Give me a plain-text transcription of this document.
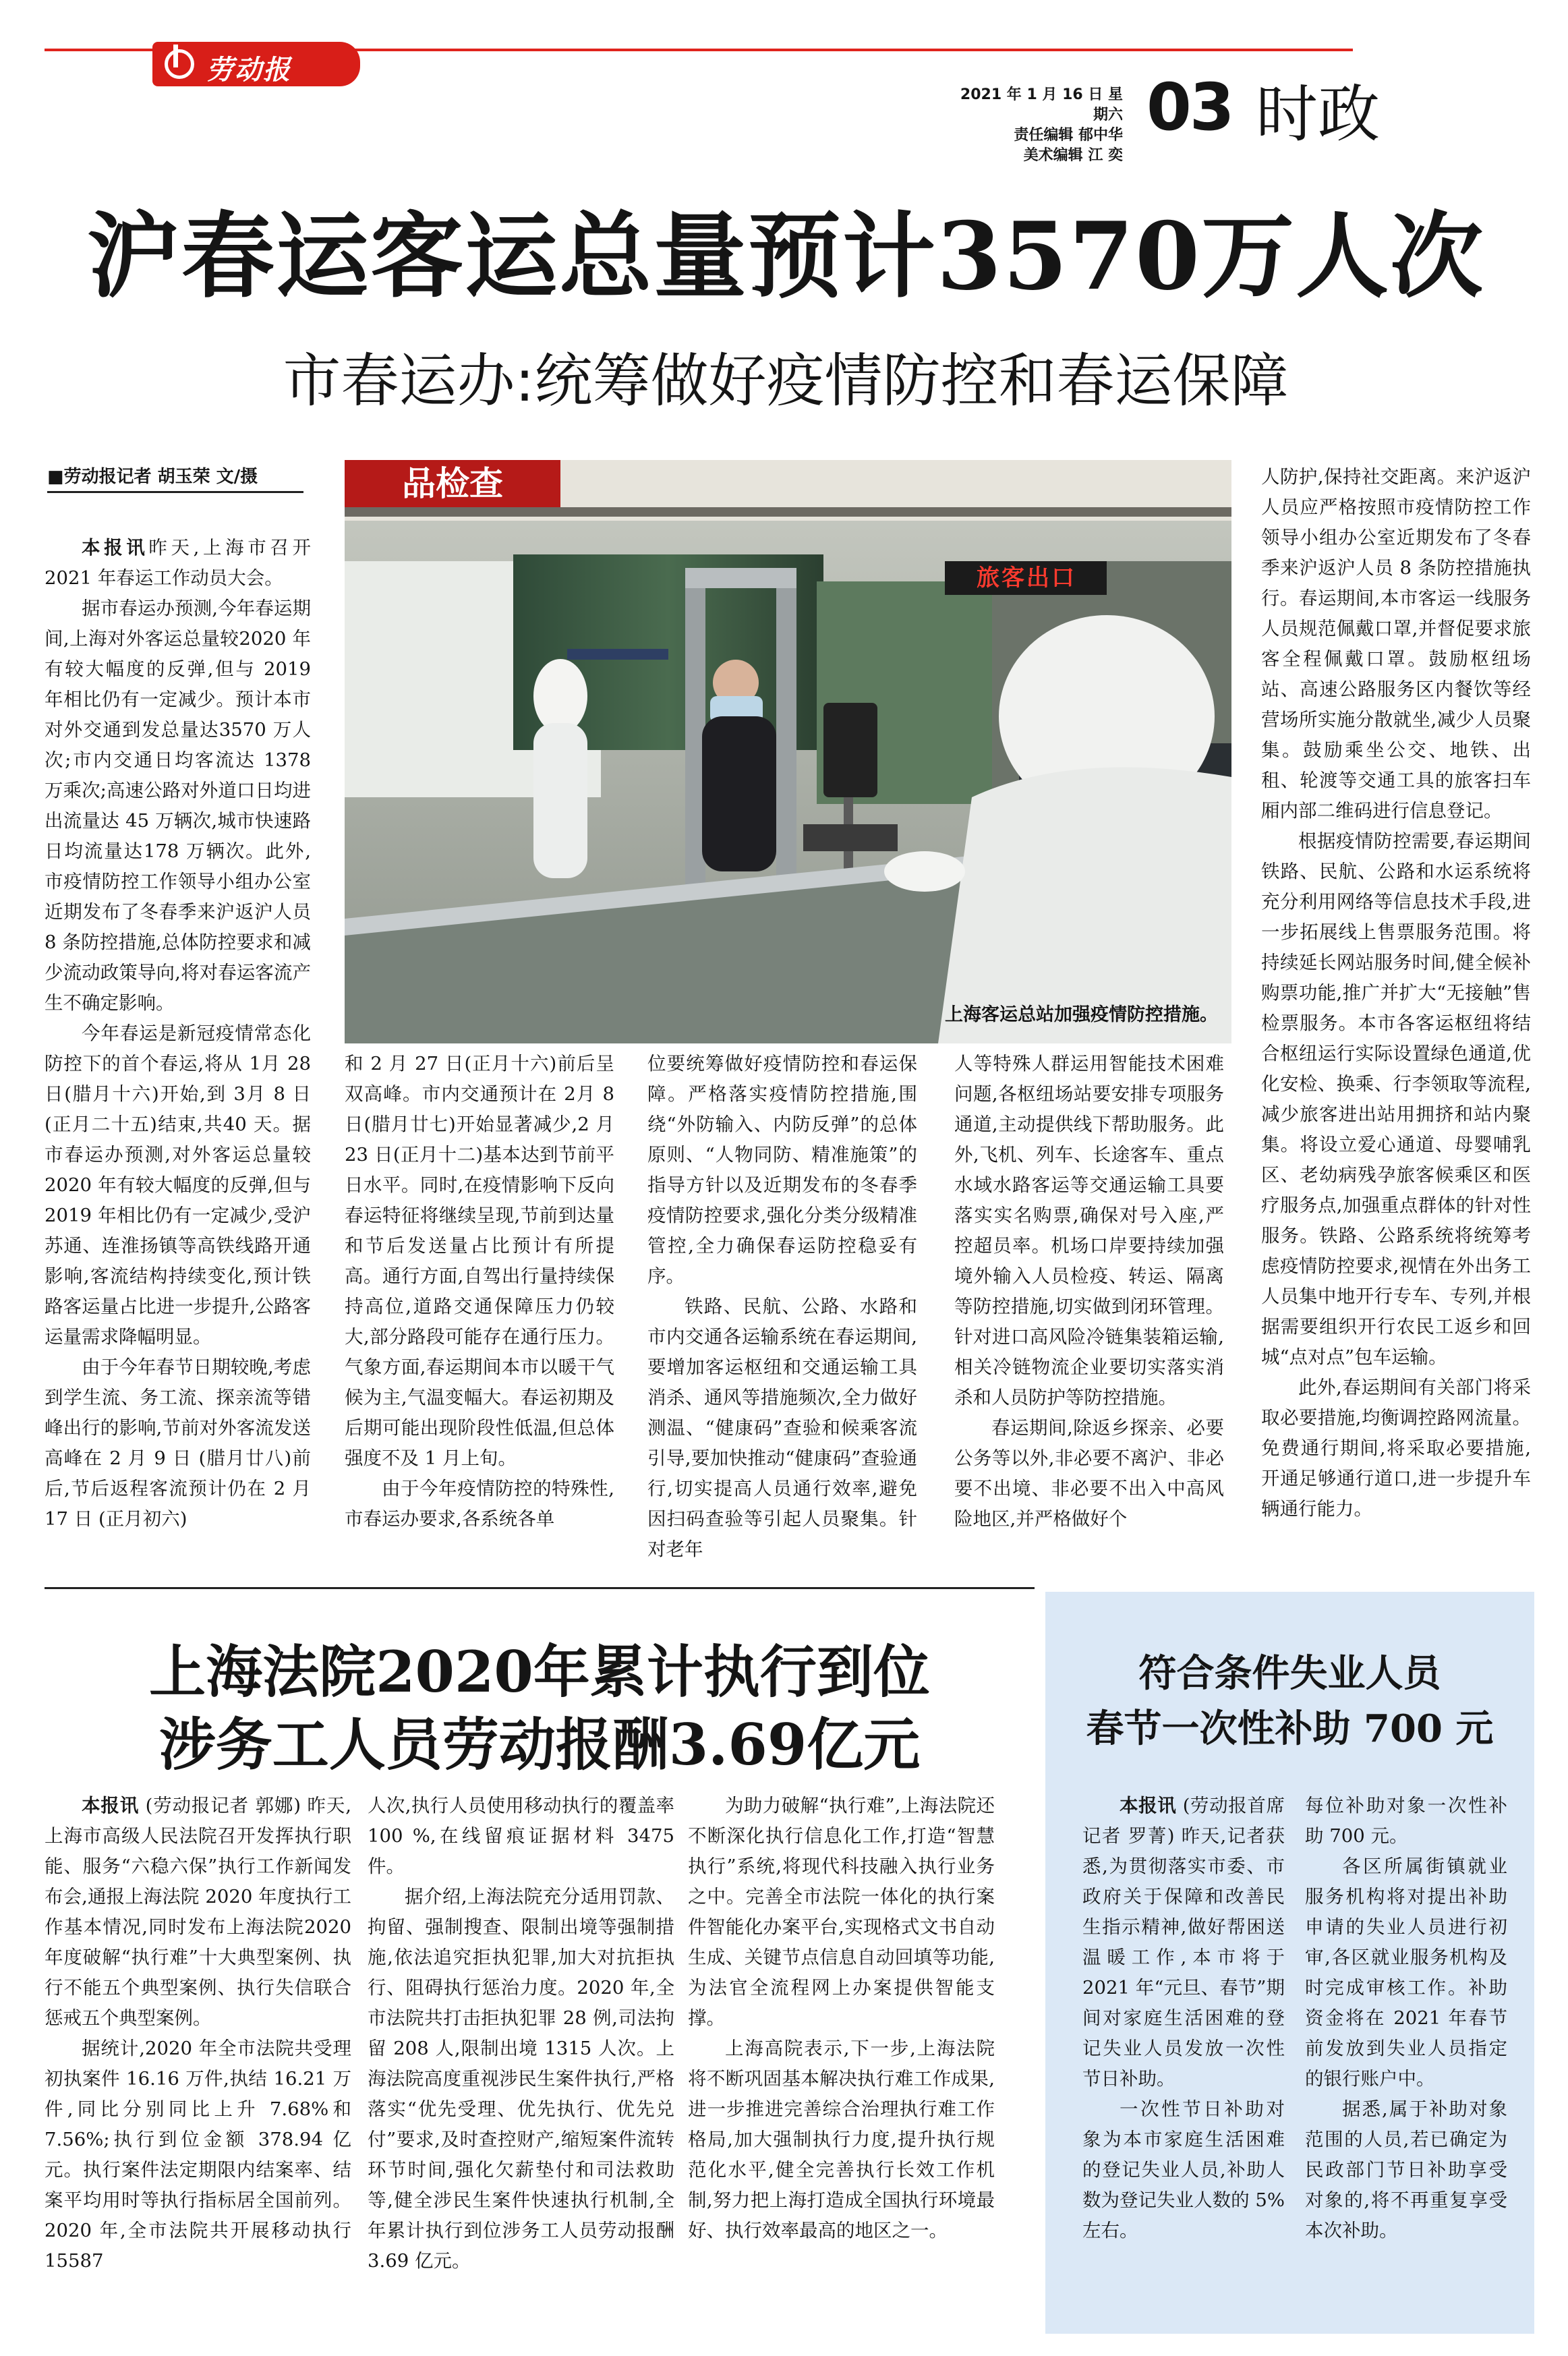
劳动报
2021 年 1 月 16 日 星期六
责任编辑 郁中华
美术编辑 江 奕
03 时政
沪春运客运总量预计3570万人次
市春运办:统筹做好疫情防控和春运保障
■劳动报记者 胡玉荣 文/摄	品检查
旅客出口
上海客运总站加强疫情防控措施。

本报讯昨天,上海市召开2021 年春运工作动员大会。

据市春运办预测,今年春运期间,上海对外客运总量较2020 年有较大幅度的反弹,但与 2019 年相比仍有一定减少。预计本市对外交通到发总量达3570 万人次;市内交通日均客流达 1378 万乘次;高速公路对外道口日均进出流量达 45 万辆次,城市快速路日均流量达178 万辆次。此外,市疫情防控工作领导小组办公室近期发布了冬春季来沪返沪人员 8 条防控措施,总体防控要求和减少流动政策导向,将对春运客流产生不确定影响。

今年春运是新冠疫情常态化防控下的首个春运,将从 1月 28 日(腊月十六)开始,到 3月 8 日(正月二十五)结束,共40 天。据市春运办预测,对外客运总量较 2020 年有较大幅度的反弹,但与 2019 年相比仍有一定减少,受沪苏通、连淮扬镇等高铁线路开通影响,客流结构持续变化,预计铁路客运量占比进一步提升,公路客运量需求降幅明显。

由于今年春节日期较晚,考虑到学生流、务工流、探亲流等错峰出行的影响,节前对外客流发送高峰在 2 月 9 日 (腊月廿八)前后,节后返程客流预计仍在 2 月 17 日 (正月初六)

和 2 月 27 日(正月十六)前后呈双高峰。市内交通预计在 2月 8 日(腊月廿七)开始显著减少,2 月 23 日(正月十二)基本达到节前平日水平。同时,在疫情影响下反向春运特征将继续呈现,节前到达量和节后发送量占比预计有所提高。通行方面,自驾出行量持续保持高位,道路交通保障压力仍较大,部分路段可能存在通行压力。气象方面,春运期间本市以暖干气候为主,气温变幅大。春运初期及后期可能出现阶段性低温,但总体强度不及 1 月上旬。

由于今年疫情防控的特殊性,市春运办要求,各系统各单

位要统筹做好疫情防控和春运保障。严格落实疫情防控措施,围绕“外防输入、内防反弹”的总体原则、“人物同防、精准施策”的指导方针以及近期发布的冬春季疫情防控要求,强化分类分级精准管控,全力确保春运防控稳妥有序。

铁路、民航、公路、水路和市内交通各运输系统在春运期间,要增加客运枢纽和交通运输工具消杀、通风等措施频次,全力做好测温、“健康码”查验和候乘客流引导,要加快推动“健康码”查验通行,切实提高人员通行效率,避免因扫码查验等引起人员聚集。针对老年

人等特殊人群运用智能技术困难问题,各枢纽场站要安排专项服务通道,主动提供线下帮助服务。此外,飞机、列车、长途客车、重点水域水路客运等交通运输工具要落实实名购票,确保对号入座,严控超员率。机场口岸要持续加强境外输入人员检疫、转运、隔离等防控措施,切实做到闭环管理。针对进口高风险冷链集装箱运输,相关冷链物流企业要切实落实消杀和人员防护等防控措施。

春运期间,除返乡探亲、必要公务等以外,非必要不离沪、非必要不出境、非必要不出入中高风险地区,并严格做好个

人防护,保持社交距离。来沪返沪人员应严格按照市疫情防控工作领导小组办公室近期发布了冬春季来沪返沪人员 8 条防控措施执行。春运期间,本市客运一线服务人员规范佩戴口罩,并督促要求旅客全程佩戴口罩。鼓励枢纽场站、高速公路服务区内餐饮等经营场所实施分散就坐,减少人员聚集。鼓励乘坐公交、地铁、出租、轮渡等交通工具的旅客扫车厢内部二维码进行信息登记。

根据疫情防控需要,春运期间铁路、民航、公路和水运系统将充分利用网络等信息技术手段,进一步拓展线上售票服务范围。将持续延长网站服务时间,健全候补购票功能,推广并扩大“无接触”售检票服务。本市各客运枢纽将结合枢纽运行实际设置绿色通道,优化安检、换乘、行李领取等流程,减少旅客进出站用拥挤和站内聚集。将设立爱心通道、母婴哺乳区、老幼病残孕旅客候乘区和医疗服务点,加强重点群体的针对性服务。铁路、公路系统将统筹考虑疫情防控要求,视情在外出务工人员集中地开行专车、专列,并根据需要组织开行农民工返乡和回城“点对点”包车运输。

此外,春运期间有关部门将采取必要措施,均衡调控路网流量。免费通行期间,将采取必要措施,开通足够通行道口,进一步提升车辆通行能力。

上海法院2020年累计执行到位
涉务工人员劳动报酬3.69亿元

本报讯 (劳动报记者 郭娜) 昨天,上海市高级人民法院召开发挥执行职能、服务“六稳六保”执行工作新闻发布会,通报上海法院 2020 年度执行工作基本情况,同时发布上海法院2020 年度破解“执行难”十大典型案例、执行不能五个典型案例、执行失信联合惩戒五个典型案例。

据统计,2020 年全市法院共受理初执案件 16.16 万件,执结 16.21 万件,同比分别同比上升 7.68%和 7.56%;执行到位金额 378.94 亿元。执行案件法定期限内结案率、结案平均用时等执行指标居全国前列。2020 年,全市法院共开展移动执行 15587

人次,执行人员使用移动执行的覆盖率 100 %,在线留痕证据材料 3475 件。

据介绍,上海法院充分适用罚款、拘留、强制搜查、限制出境等强制措施,依法追究拒执犯罪,加大对抗拒执行、阻碍执行惩治力度。2020 年,全市法院共打击拒执犯罪 28 例,司法拘留 208 人,限制出境 1315 人次。上海法院高度重视涉民生案件执行,严格落实“优先受理、优先执行、优先兑付”要求,及时查控财产,缩短案件流转环节时间,强化欠薪垫付和司法救助等,健全涉民生案件快速执行机制,全年累计执行到位涉务工人员劳动报酬 3.69 亿元。

为助力破解“执行难”,上海法院还不断深化执行信息化工作,打造“智慧执行”系统,将现代科技融入执行业务之中。完善全市法院一体化的执行案件智能化办案平台,实现格式文书自动生成、关键节点信息自动回填等功能,为法官全流程网上办案提供智能支撑。

上海高院表示,下一步,上海法院将不断巩固基本解决执行难工作成果,进一步推进完善综合治理执行难工作格局,加大强制执行力度,提升执行规范化水平,健全完善执行长效工作机制,努力把上海打造成全国执行环境最好、执行效率最高的地区之一。

符合条件失业人员
春节一次性补助 700 元

本报讯 (劳动报首席记者 罗菁) 昨天,记者获悉,为贯彻落实市委、市政府关于保障和改善民生指示精神,做好帮困送温暖工作,本市将于 2021 年“元旦、春节”期间对家庭生活困难的登记失业人员发放一次性节日补助。

一次性节日补助对象为本市家庭生活困难的登记失业人员,补助人数为登记失业人数的 5%左右。

每位补助对象一次性补助 700 元。

各区所属街镇就业服务机构将对提出补助申请的失业人员进行初审,各区就业服务机构及时完成审核工作。补助资金将在 2021 年春节前发放到失业人员指定的银行账户中。

据悉,属于补助对象范围的人员,若已确定为民政部门节日补助享受对象的,将不再重复享受本次补助。
